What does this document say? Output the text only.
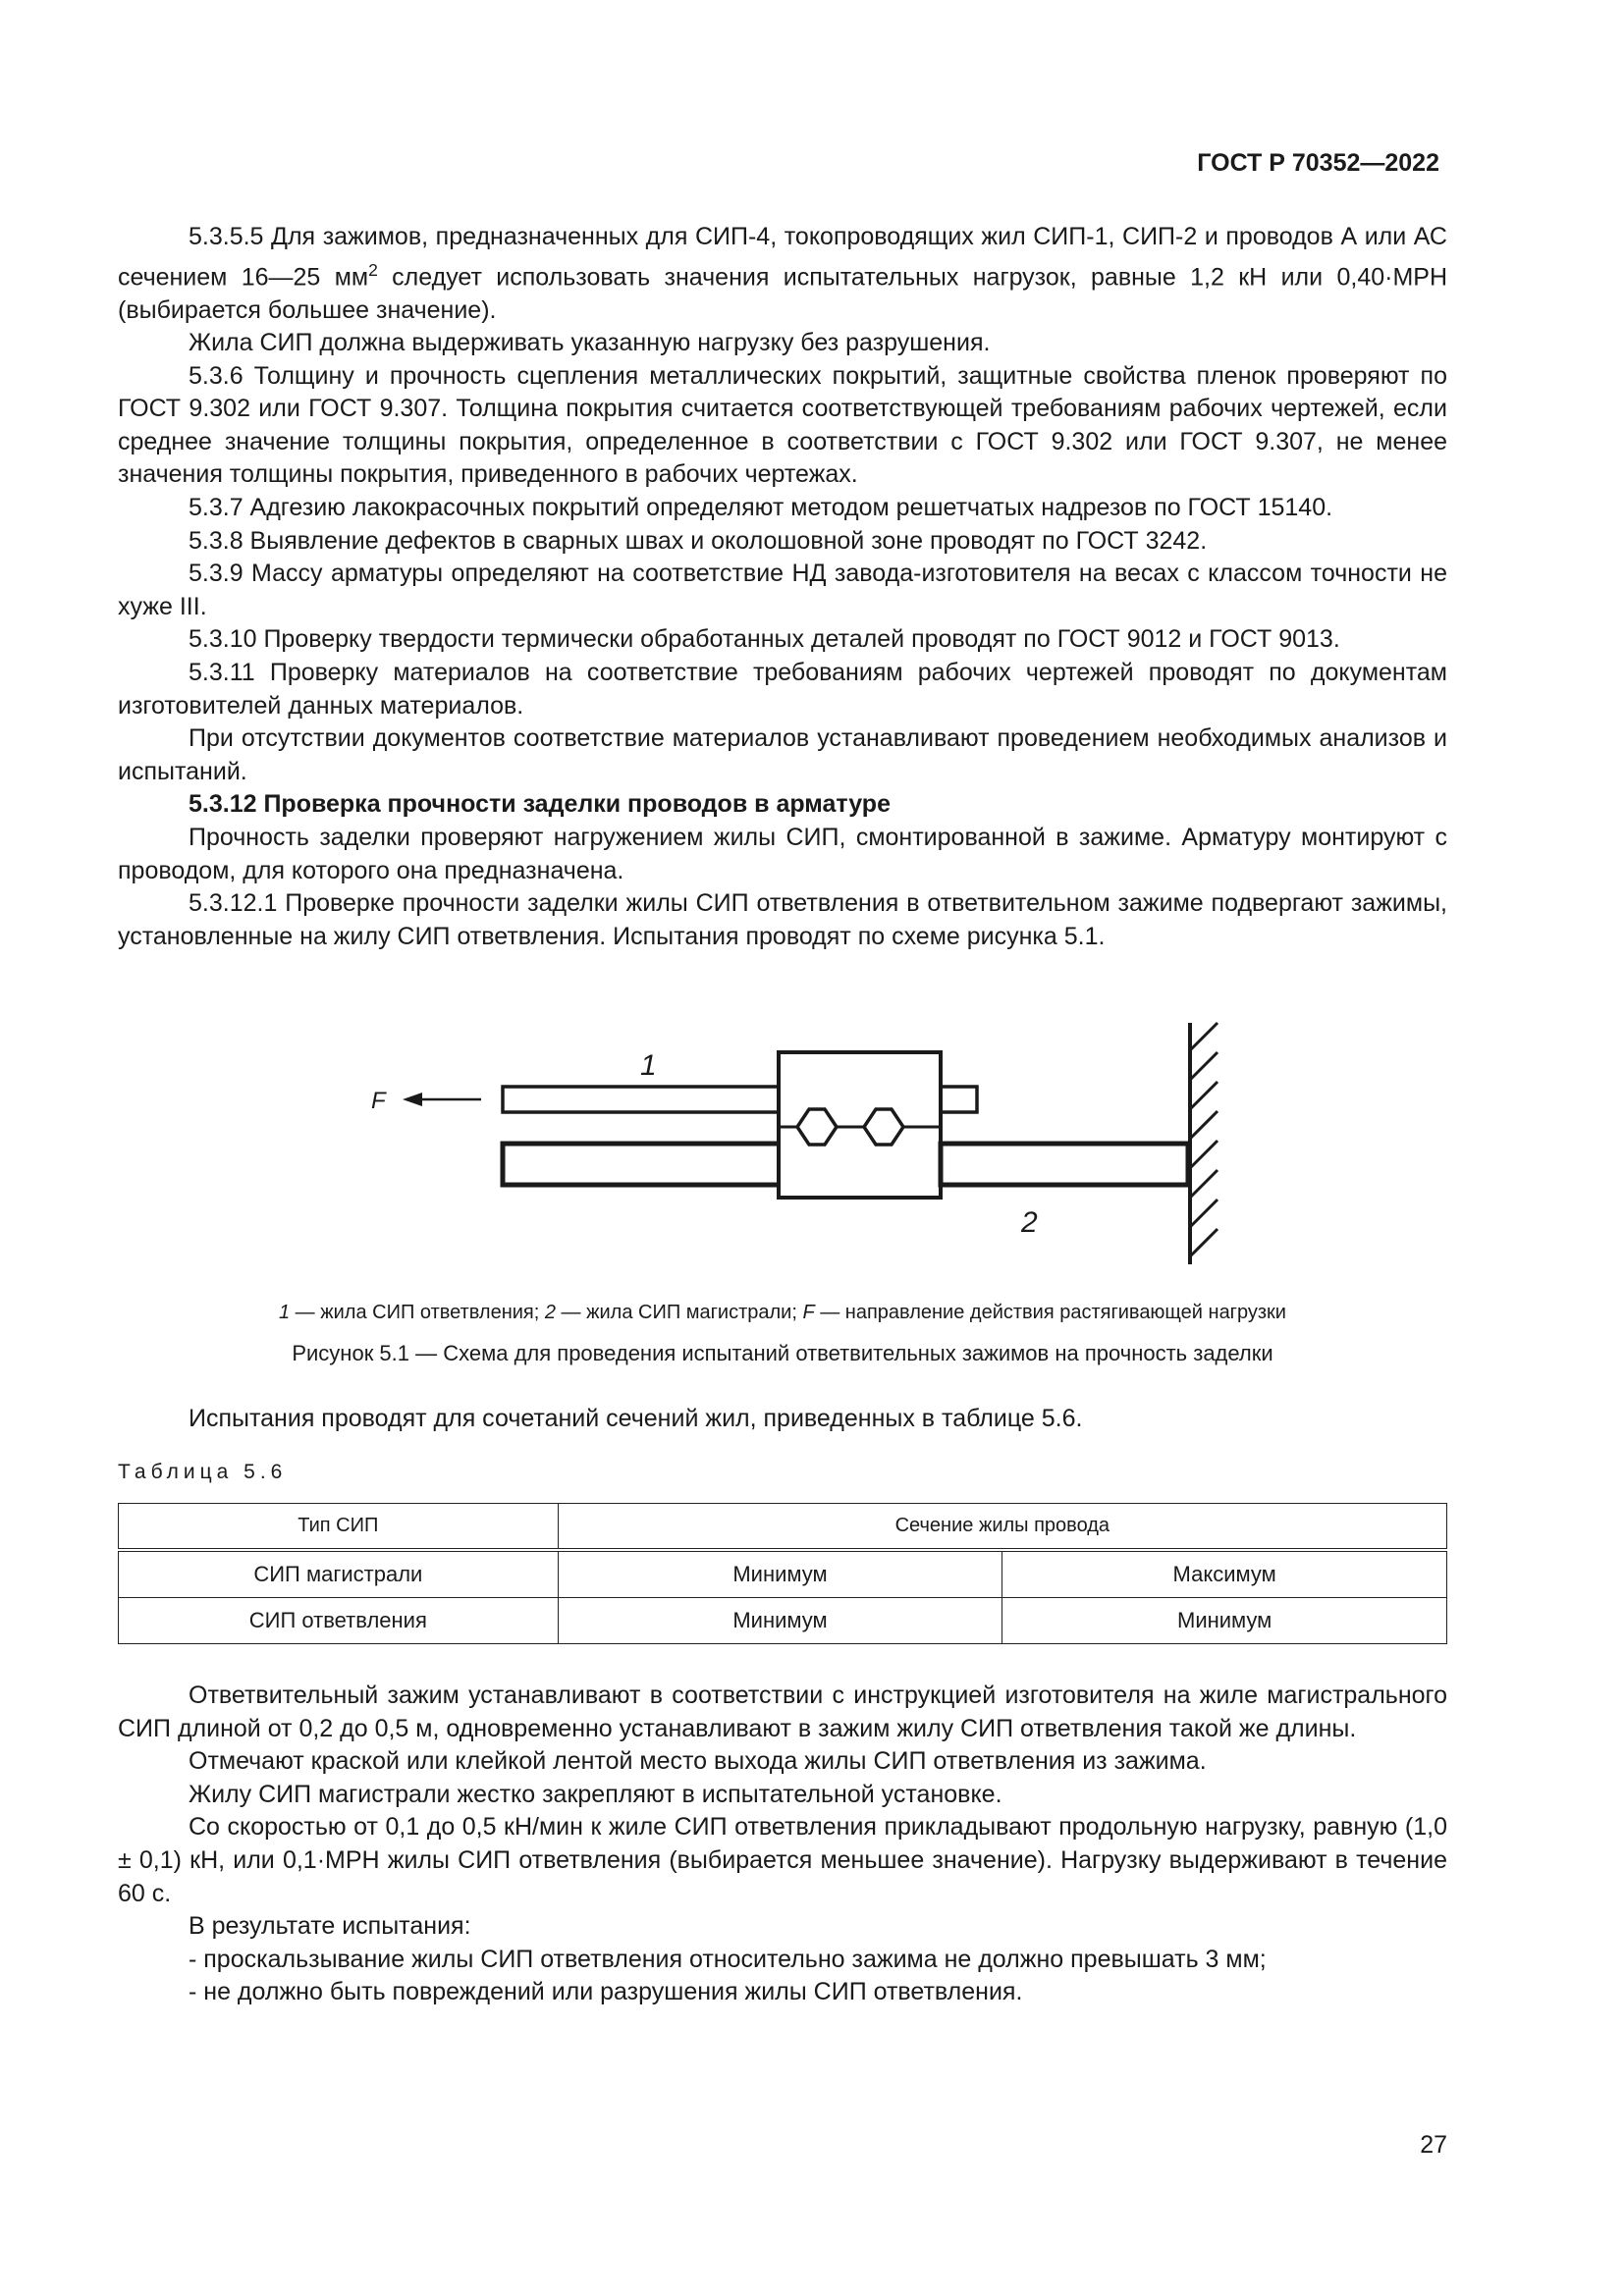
ГОСТ Р 70352—2022

5.3.5.5 Для зажимов, предназначенных для СИП-4, токопроводящих жил СИП-1, СИП-2 и проводов А или АС сечением 16—25 $мм^2$ следует использовать значения испытательных нагрузок, равные 1,2 кН или 0,40·МРН (выбирается большее значение).

Жила СИП должна выдерживать указанную нагрузку без разрушения.

5.3.6 Толщину и прочность сцепления металлических покрытий, защитные свойства пленок проверяют по ГОСТ 9.302 или ГОСТ 9.307. Толщина покрытия считается соответствующей требованиям рабочих чертежей, если среднее значение толщины покрытия, определенное в соответствии с ГОСТ 9.302 или ГОСТ 9.307, не менее значения толщины покрытия, приведенного в рабочих чертежах.

5.3.7 Адгезию лакокрасочных покрытий определяют методом решетчатых надрезов по ГОСТ 15140.

5.3.8 Выявление дефектов в сварных швах и околошовной зоне проводят по ГОСТ 3242.

5.3.9 Массу арматуры определяют на соответствие НД завода-изготовителя на весах с классом точности не хуже III.

5.3.10 Проверку твердости термически обработанных деталей проводят по ГОСТ 9012 и ГОСТ 9013.

5.3.11 Проверку материалов на соответствие требованиям рабочих чертежей проводят по документам изготовителей данных материалов.

При отсутствии документов соответствие материалов устанавливают проведением необходимых анализов и испытаний.

5.3.12 Проверка прочности заделки проводов в арматуре

Прочность заделки проверяют нагружением жилы СИП, смонтированной в зажиме. Арматуру монтируют с проводом, для которого она предназначена.

5.3.12.1 Проверке прочности заделки жилы СИП ответвления в ответвительном зажиме подвергают зажимы, установленные на жилу СИП ответвления. Испытания проводят по схеме рисунка 5.1.

F
1
2
1 — жила СИП ответвления; 2 — жила СИП магистрали; F — направление действия растягивающей нагрузки
Рисунок 5.1 — Схема для проведения испытаний ответвительных зажимов на прочность заделки
Испытания проводят для сочетаний сечений жил, приведенных в таблице 5.6.
Таблица 5.6
Тип СИП	Сечение жилы провода	
СИП магистрали	Минимум	Максимум
СИП ответвления	Минимум	Минимум

Ответвительный зажим устанавливают в соответствии с инструкцией изготовителя на жиле магистрального СИП длиной от 0,2 до 0,5 м, одновременно устанавливают в зажим жилу СИП ответвления такой же длины.

Отмечают краской или клейкой лентой место выхода жилы СИП ответвления из зажима.

Жилу СИП магистрали жестко закрепляют в испытательной установке.

Со скоростью от 0,1 до 0,5 кН/мин к жиле СИП ответвления прикладывают продольную нагрузку, равную (1,0 ± 0,1) кН, или 0,1·МРН жилы СИП ответвления (выбирается меньшее значение). Нагрузку выдерживают в течение 60 с.

В результате испытания:

- проскальзывание жилы СИП ответвления относительно зажима не должно превышать 3 мм;

- не должно быть повреждений или разрушения жилы СИП ответвления.

27
